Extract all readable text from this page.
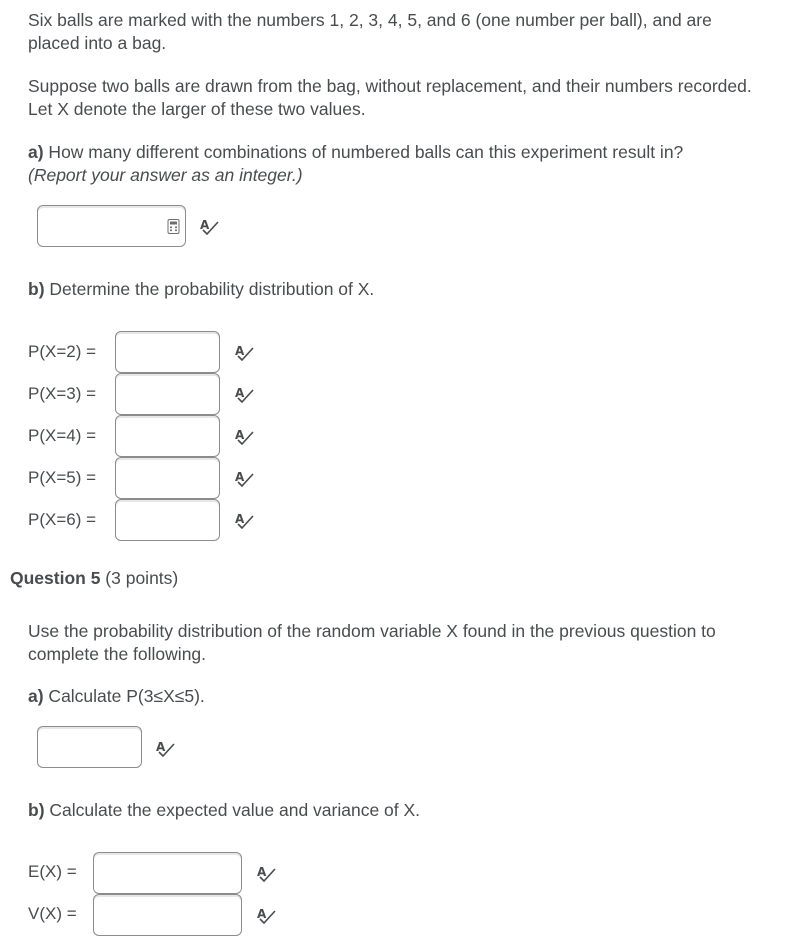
Six balls are marked with the numbers 1, 2, 3, 4, 5, and 6 (one number per ball), and are placed into a bag.
Suppose two balls are drawn from the bag, without replacement, and their numbers recorded. Let X denote the larger of these two values.
a) How many different combinations of numbered balls can this experiment result in?
(Report your answer as an integer.)
A
b) Determine the probability distribution of X.
P(X=2) =	A
P(X=3) =	A
P(X=4) =	A
P(X=5) =	A
P(X=6) =	A
Question 5 (3 points)
Use the probability distribution of the random variable X found in the previous question to complete the following.
a) Calculate P(3≤X≤5).
A
b) Calculate the expected value and variance of X.
E(X) =	A
V(X) =	A
